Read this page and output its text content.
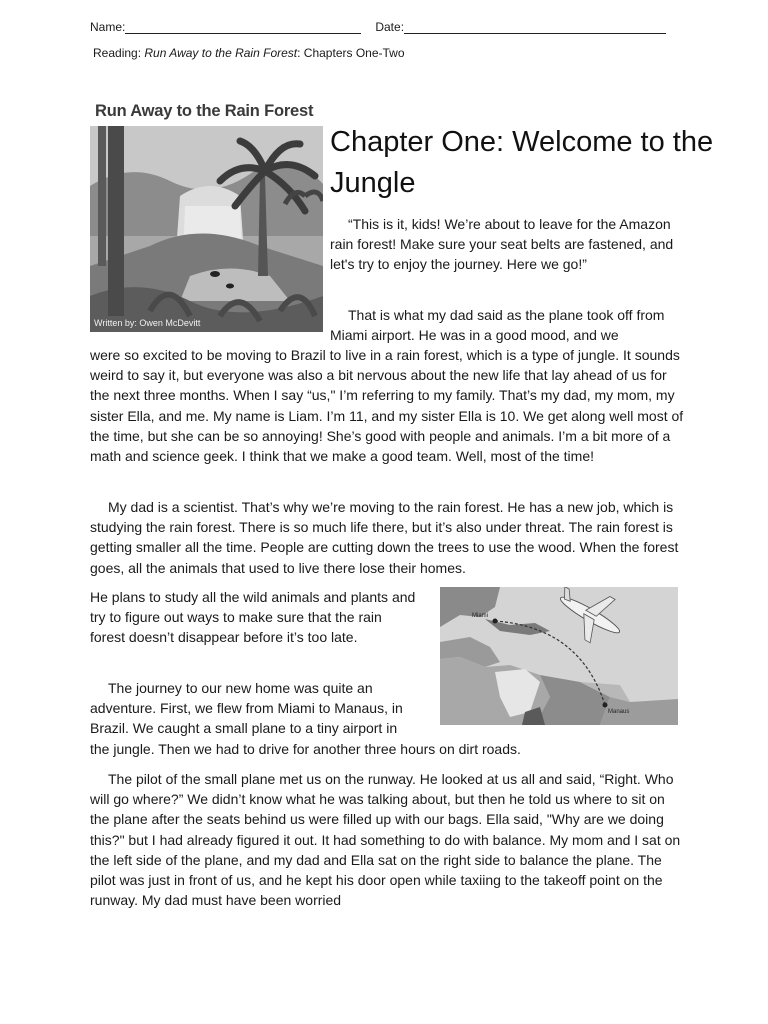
Name:	Date:
Reading: Run Away to the Rain Forest: Chapters One-Two
Run Away to the Rain Forest
Written by: Owen McDevitt
Chapter One: Welcome to the Jungle

“This is it, kids! We’re about to leave for the Amazon rain forest! Make sure your seat belts are fastened, and let's try to enjoy the journey. Here we go!”

That is what my dad said as the plane took off from Miami airport. He was in a good mood, and we

were so excited to be moving to Brazil to live in a rain forest, which is a type of jungle. It sounds weird to say it, but everyone was also a bit nervous about the new life that lay ahead of us for the next three months. When I say “us," I’m referring to my family. That’s my dad, my mom, my sister Ella, and me. My name is Liam. I’m 11, and my sister Ella is 10. We get along well most of the time, but she can be so annoying! She’s good with people and animals. I’m a bit more of a math and science geek. I think that we make a good team. Well, most of the time!

My dad is a scientist. That’s why we’re moving to the rain forest. He has a new job, which is studying the rain forest. There is so much life there, but it’s also under threat. The rain forest is getting smaller all the time. People are cutting down the trees to use the wood. When the forest goes, all the animals that used to live there lose their homes.

He plans to study all the wild animals and plants and try to figure out ways to make sure that the rain forest doesn’t disappear before it’s too late.

Miami
Manaus

The journey to our new home was quite an adventure. First, we flew from Miami to Manaus, in Brazil. We caught a small plane to a tiny airport in

the jungle. Then we had to drive for another three hours on dirt roads.

The pilot of the small plane met us on the runway. He looked at us all and said, “Right. Who will go where?” We didn’t know what he was talking about, but then he told us where to sit on the plane after the seats behind us were filled up with our bags. Ella said, "Why are we doing this?" but I had already figured it out. It had something to do with balance. My mom and I sat on the left side of the plane, and my dad and Ella sat on the right side to balance the plane. The pilot was just in front of us, and he kept his door open while taxiing to the takeoff point on the runway. My dad must have been worried
